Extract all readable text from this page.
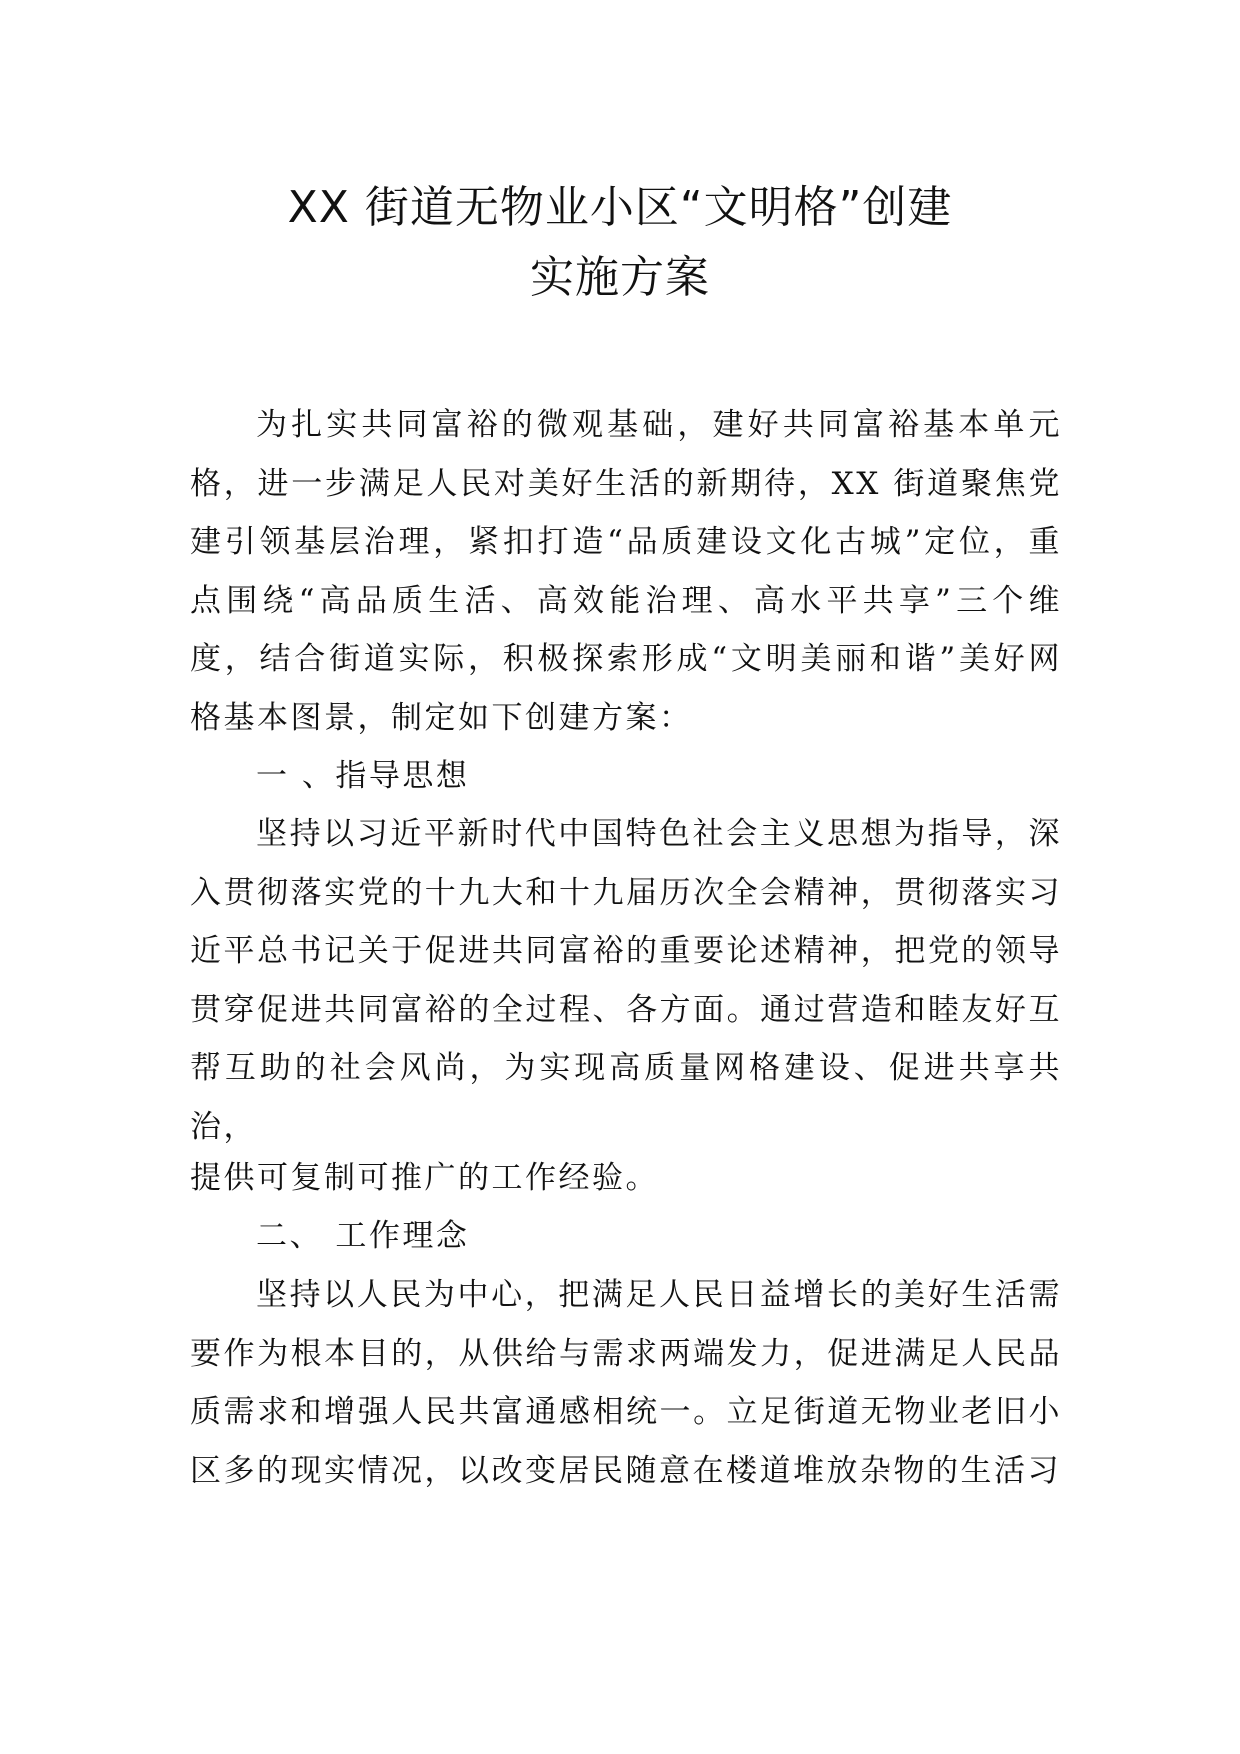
XX 街道无物业小区“文明格”创建
实施方案

为扎实共同富裕的微观基础，建好共同富裕基本单元格，进一步满足人民对美好生活的新期待，XX 街道聚焦党建引领基层治理，紧扣打造“品质建设文化古城”定位，重点围绕“高品质生活、高效能治理、高水平共享”三个维度，结合街道实际，积极探索形成“文明美丽和谐”美好网格基本图景，制定如下创建方案：

一 、指导思想

坚持以习近平新时代中国特色社会主义思想为指导，深入贯彻落实党的十九大和十九届历次全会精神，贯彻落实习近平总书记关于促进共同富裕的重要论述精神，把党的领导贯穿促进共同富裕的全过程、各方面。通过营造和睦友好互帮互助的社会风尚，为实现高质量网格建设、促进共享共治，

提供可复制可推广的工作经验。

二、 工作理念

坚持以人民为中心，把满足人民日益增长的美好生活需要作为根本目的，从供给与需求两端发力，促进满足人民品质需求和增强人民共富通感相统一。立足街道无物业老旧小区多的现实情况，以改变居民随意在楼道堆放杂物的生活习
